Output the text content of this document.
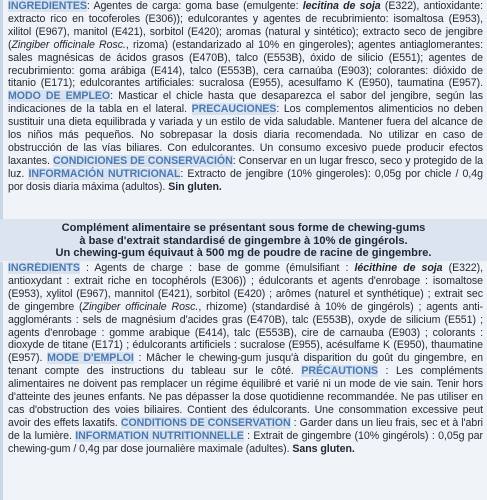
INGREDIENTES: Agentes de carga: goma base (emulgente: lecitina de soja (E322), antioxidante: extracto rico en tocoferoles (E306)); edulcorantes y agentes de recubrimiento: isomaltosa (E953), xilitol (E967), manitol (E421), sorbitol (E420); aromas (natural y sintético); extracto seco de jengibre (Zingiber officinale Rosc., rizoma) (estandarizado al 10% en gingeroles); agentes antiaglomerantes: sales magnésicas de ácidos grasos (E470B), talco (E553B), óxido de silicio (E551); agentes de recubrimiento: goma arábiga (E414), talco (E553B), cera carnaúba (E903); colorantes: dióxido de titanio (E171); edulcorantes artificiales: sucralosa (E955), acesulfamo K (E950), taumatina (E957). MODO DE EMPLEO: Masticar el chicle hasta que desaparezca el sabor del jengibre, según las indicaciones de la tabla en el lateral. PRECAUCIONES: Los complementos alimenticios no deben sustituir una dieta equilibrada y variada y un estilo de vida saludable. Mantener fuera del alcance de los niños más pequeños. No sobrepasar la dosis diaria recomendada. No utilizar en caso de obstrucción de las vías biliares. Con edulcorantes. Un consumo excesivo puede producir efectos laxantes. CONDICIONES DE CONSERVACIÓN: Conservar en un lugar fresco, seco y protegido de la luz. INFORMACIÓN NUTRICIONAL: Extracto de jengibre (10% gingeroles): 0,05g por chicle / 0,4g por dosis diaria máxima (adultos). Sin gluten.
Complément alimentaire se présentant sous forme de chewing-gums
à base d'extrait standardisé de gingembre à 10% de gingérols.
Un chewing-gum équivaut à 500 mg de poudre de racine de gingembre.
INGRÉDIENTS : Agents de charge : base de gomme (émulsifiant : lécithine de soja (E322), antioxydant : extrait riche en tocophérols (E306)) ; édulcorants et agents d'enrobage : isomaltose (E953), xylitol (E967), mannitol (E421), sorbitol (E420) ; arômes (naturel et synthétique) ; extrait sec de gingembre (Zingiber officinale Rosc., rhizome) (standardisé à 10% de gingérols) ; agents anti-agglomérants : sels de magnésium d'acides gras (E470B), talc (E553B), oxyde de silicium (E551) ; agents d'enrobage : gomme arabique (E414), talc (E553B), cire de carnauba (E903) ; colorants : dioxyde de titane (E171) ; édulcorants artificiels : sucralose (E955), acésulfame K (E950), thaumatine (E957). MODE D'EMPLOI : Mâcher le chewing-gum jusqu'à disparition du goût du gingembre, en tenant compte des instructions du tableau sur le côté. PRÉCAUTIONS : Les compléments alimentaires ne doivent pas remplacer un régime équilibré et varié ni un mode de vie sain. Tenir hors d'atteinte des jeunes enfants. Ne pas dépasser la dose quotidienne recommandée. Ne pas utiliser en cas d'obstruction des voies biliaires. Contient des édulcorants. Une consommation excessive peut avoir des effets laxatifs. CONDITIONS DE CONSERVATION : Garder dans un lieu frais, sec et à l'abri de la lumière. INFORMATION NUTRITIONNELLE : Extrait de gingembre (10% gingérols) : 0,05g par chewing-gum / 0,4g par dose journalière maximale (adultes). Sans gluten.
